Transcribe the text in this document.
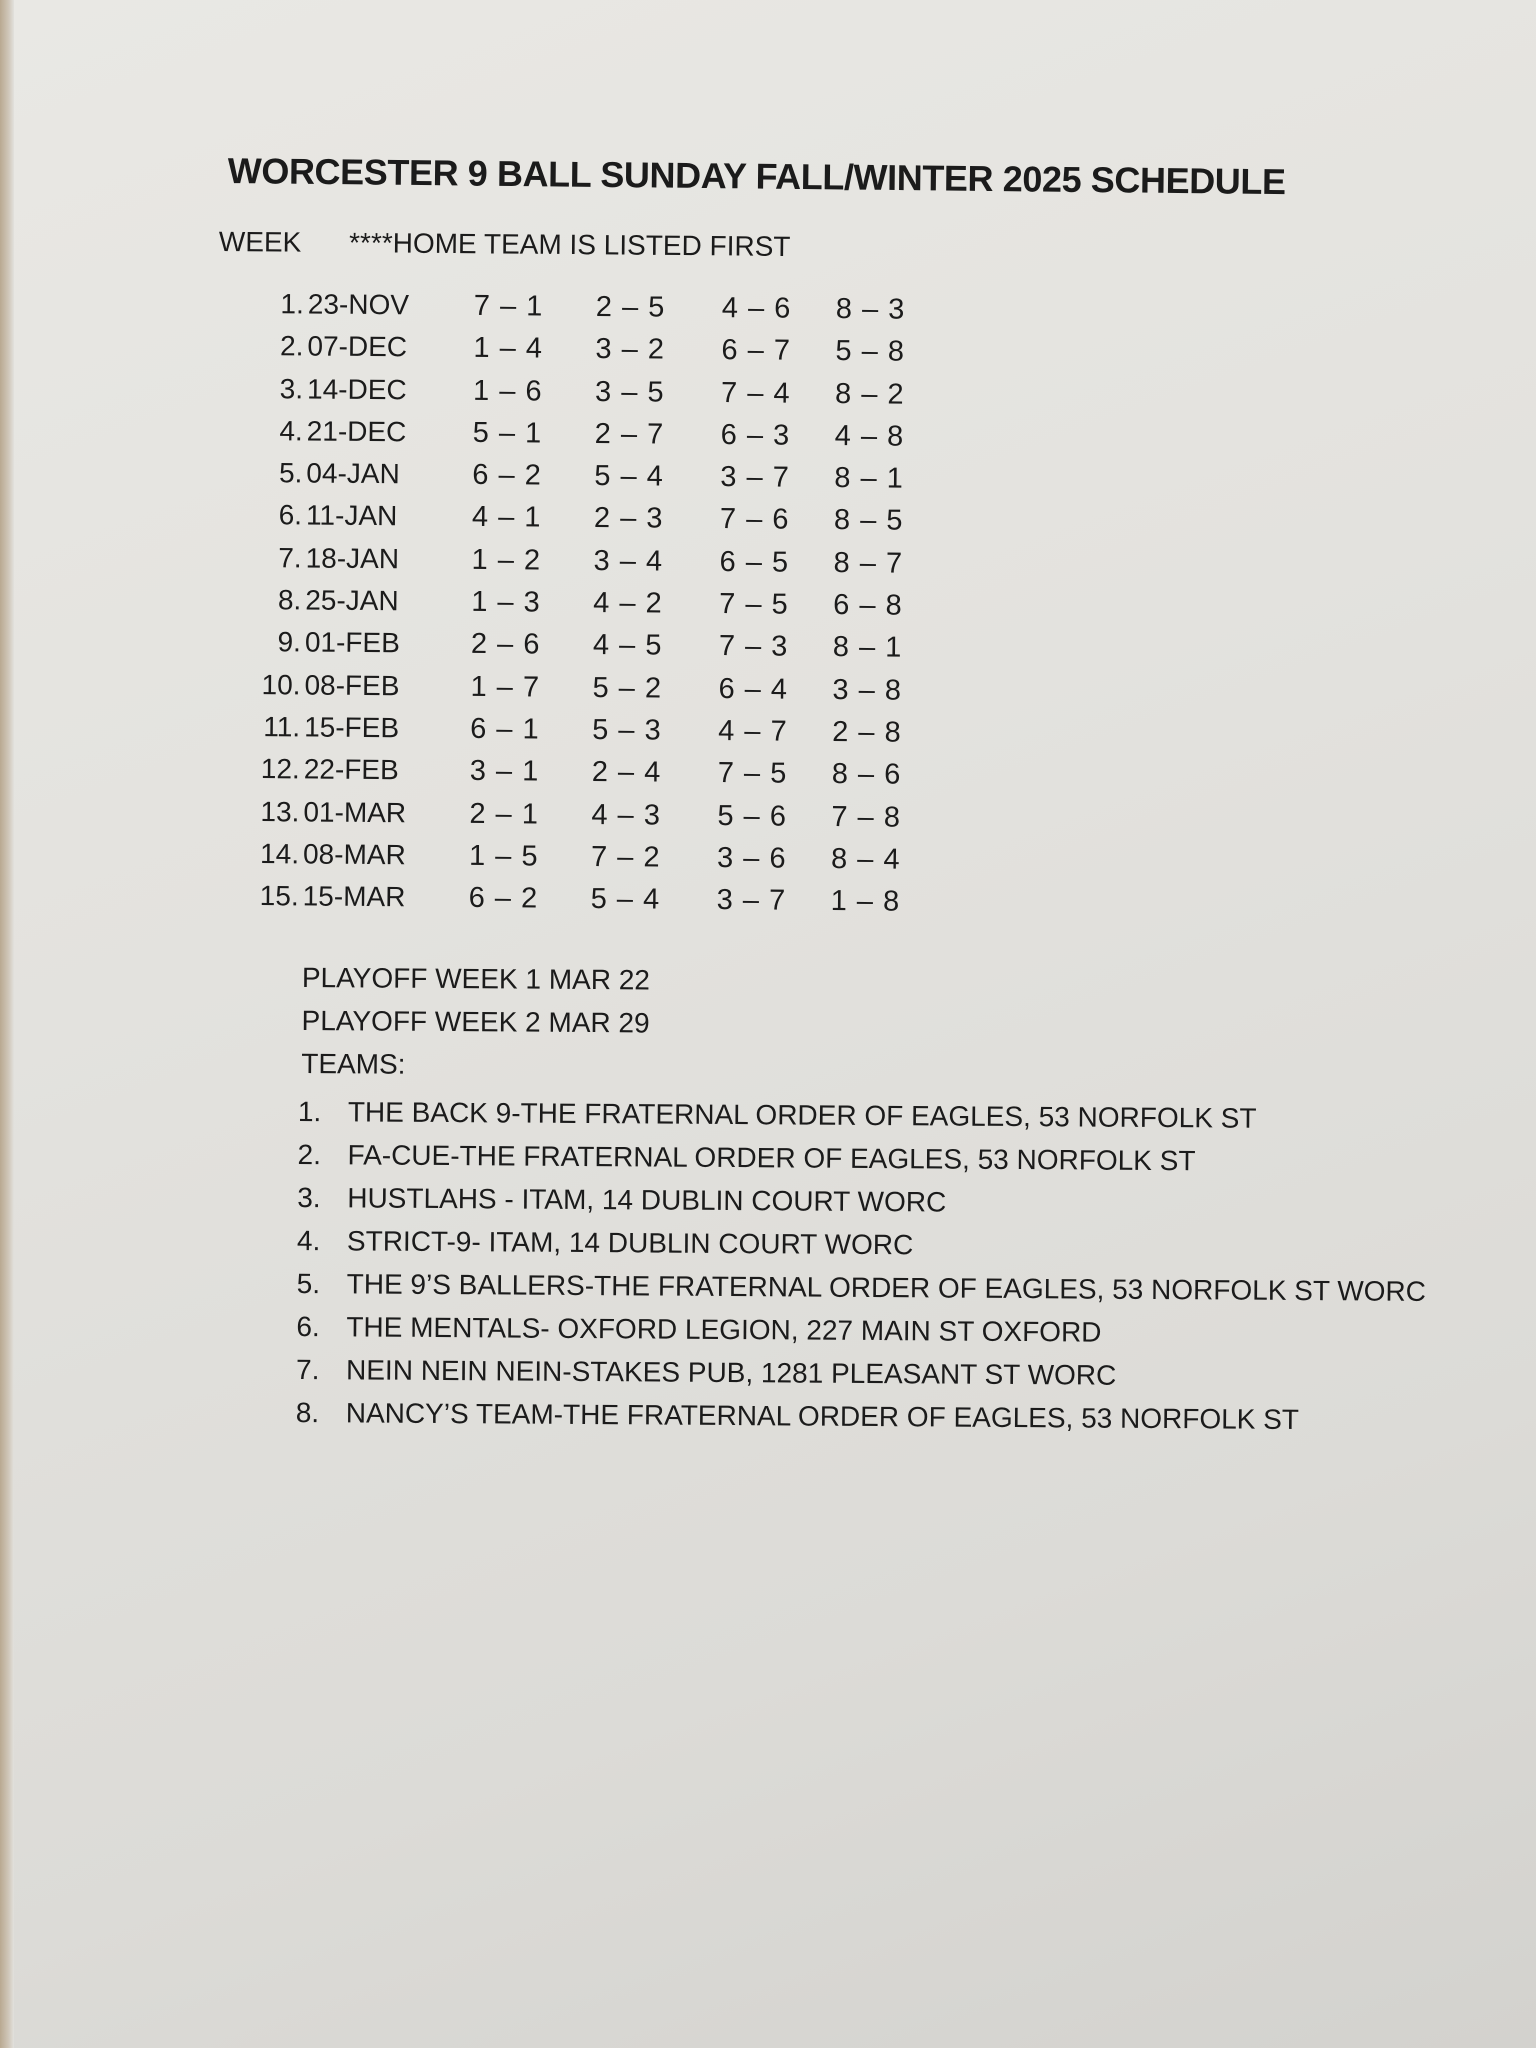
WORCESTER 9 BALL SUNDAY FALL/WINTER 2025 SCHEDULE
WEEK ****HOME TEAM IS LISTED FIRST
1. 23-NOV 7 – 1 2 – 5 4 – 6 8 – 3
2. 07-DEC 1 – 4 3 – 2 6 – 7 5 – 8
3. 14-DEC 1 – 6 3 – 5 7 – 4 8 – 2
4. 21-DEC 5 – 1 2 – 7 6 – 3 4 – 8
5. 04-JAN 6 – 2 5 – 4 3 – 7 8 – 1
6. 11-JAN	4 – 1 2 – 3 7 – 6 8 – 5
7. 18-JAN 1 – 2 3 – 4 6 – 5 8 – 7
8. 25-JAN 1 – 3 4 – 2 7 – 5 6 – 8
9. 01-FEB 2 – 6 4 – 5 7 – 3 8 – 1
10. 08-FEB 1 – 7 5 – 2 6 – 4 3 – 8
11. 15-FEB 6 – 1 5 – 3 4 – 7 2 – 8
12. 22-FEB 3 – 1 2 – 4 7 – 5 8 – 6
13. 01-MAR 2 – 1 4 – 3 5 – 6 7 – 8
14. 08-MAR 1 – 5 7 – 2 3 – 6 8 – 4
15. 15-MAR 6 – 2 5 – 4 3 – 7 1 – 8
PLAYOFF WEEK 1 MAR 22
PLAYOFF WEEK 2 MAR 29
TEAMS:
1. THE BACK 9-THE FRATERNAL ORDER OF EAGLES, 53 NORFOLK ST
2. FA-CUE-THE FRATERNAL ORDER OF EAGLES, 53 NORFOLK ST
3. HUSTLAHS - ITAM, 14 DUBLIN COURT WORC
4. STRICT-9- ITAM, 14 DUBLIN COURT WORC
5. THE 9’S BALLERS-THE FRATERNAL ORDER OF EAGLES, 53 NORFOLK ST WORC
6. THE MENTALS- OXFORD LEGION, 227 MAIN ST OXFORD
7. NEIN NEIN NEIN-STAKES PUB, 1281 PLEASANT ST WORC
8. NANCY’S TEAM-THE FRATERNAL ORDER OF EAGLES, 53 NORFOLK ST
